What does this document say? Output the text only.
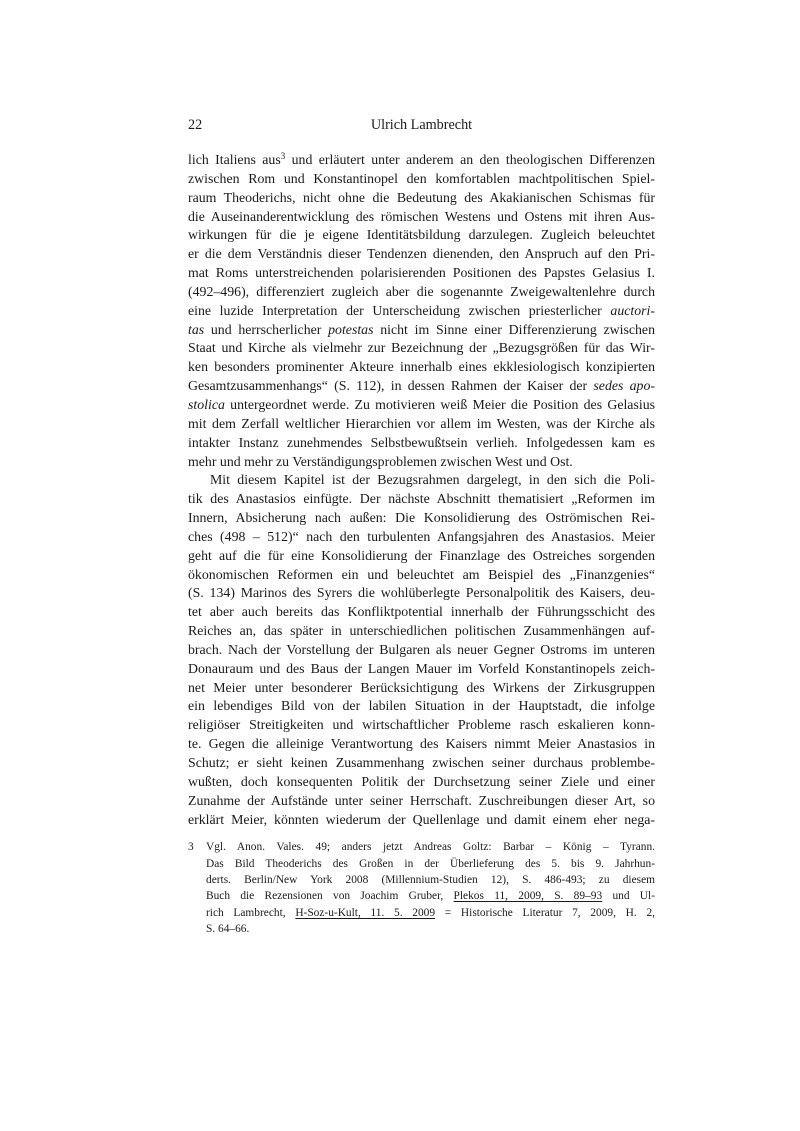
22	Ulrich Lambrecht
lich Italiens aus$^3$ und erläutert unter anderem an den theologischen Differenzen
zwischen Rom und Konstantinopel den komfortablen machtpolitischen Spiel-
raum Theoderichs, nicht ohne die Bedeutung des Akakianischen Schismas für
die Auseinanderentwicklung des römischen Westens und Ostens mit ihren Aus-
wirkungen für die je eigene Identitätsbildung darzulegen. Zugleich beleuchtet
er die dem Verständnis dieser Tendenzen dienenden, den Anspruch auf den Pri-
mat Roms unterstreichenden polarisierenden Positionen des Papstes Gelasius I.
(492–496), differenziert zugleich aber die sogenannte Zweigewaltenlehre durch
eine luzide Interpretation der Unterscheidung zwischen priesterlicher auctori-
tas und herrscherlicher potestas nicht im Sinne einer Differenzierung zwischen
Staat und Kirche als vielmehr zur Bezeichnung der „Bezugsgrößen für das Wir-
ken besonders prominenter Akteure innerhalb eines ekklesiologisch konzipierten
Gesamtzusammenhangs“ (S. 112), in dessen Rahmen der Kaiser der sedes apo-
stolica untergeordnet werde. Zu motivieren weiß Meier die Position des Gelasius
mit dem Zerfall weltlicher Hierarchien vor allem im Westen, was der Kirche als
intakter Instanz zunehmendes Selbstbewußtsein verlieh. Infolgedessen kam es
mehr und mehr zu Verständigungsproblemen zwischen West und Ost.
Mit diesem Kapitel ist der Bezugsrahmen dargelegt, in den sich die Poli-
tik des Anastasios einfügte. Der nächste Abschnitt thematisiert „Reformen im
Innern, Absicherung nach außen: Die Konsolidierung des Oströmischen Rei-
ches (498 – 512)“ nach den turbulenten Anfangsjahren des Anastasios. Meier
geht auf die für eine Konsolidierung der Finanzlage des Ostreiches sorgenden
ökonomischen Reformen ein und beleuchtet am Beispiel des „Finanzgenies“
(S. 134) Marinos des Syrers die wohlüberlegte Personalpolitik des Kaisers, deu-
tet aber auch bereits das Konfliktpotential innerhalb der Führungsschicht des
Reiches an, das später in unterschiedlichen politischen Zusammenhängen auf-
brach. Nach der Vorstellung der Bulgaren als neuer Gegner Ostroms im unteren
Donauraum und des Baus der Langen Mauer im Vorfeld Konstantinopels zeich-
net Meier unter besonderer Berücksichtigung des Wirkens der Zirkusgruppen
ein lebendiges Bild von der labilen Situation in der Hauptstadt, die infolge
religiöser Streitigkeiten und wirtschaftlicher Probleme rasch eskalieren konn-
te. Gegen die alleinige Verantwortung des Kaisers nimmt Meier Anastasios in
Schutz; er sieht keinen Zusammenhang zwischen seiner durchaus problembe-
wußten, doch konsequenten Politik der Durchsetzung seiner Ziele und einer
Zunahme der Aufstände unter seiner Herrschaft. Zuschreibungen dieser Art, so
erklärt Meier, könnten wiederum der Quellenlage und damit einem eher nega-
3 Vgl. Anon. Vales. 49; anders jetzt Andreas Goltz: Barbar – König – Tyrann.
Das Bild Theoderichs des Großen in der Überlieferung des 5. bis 9. Jahrhun-
derts. Berlin/New York 2008 (Millennium-Studien 12), S. 486-493; zu diesem
Buch die Rezensionen von Joachim Gruber, Plekos 11, 2009, S. 89–93 und Ul-
rich Lambrecht, H-Soz-u-Kult, 11. 5. 2009 = Historische Literatur 7, 2009, H. 2,
S. 64–66.
